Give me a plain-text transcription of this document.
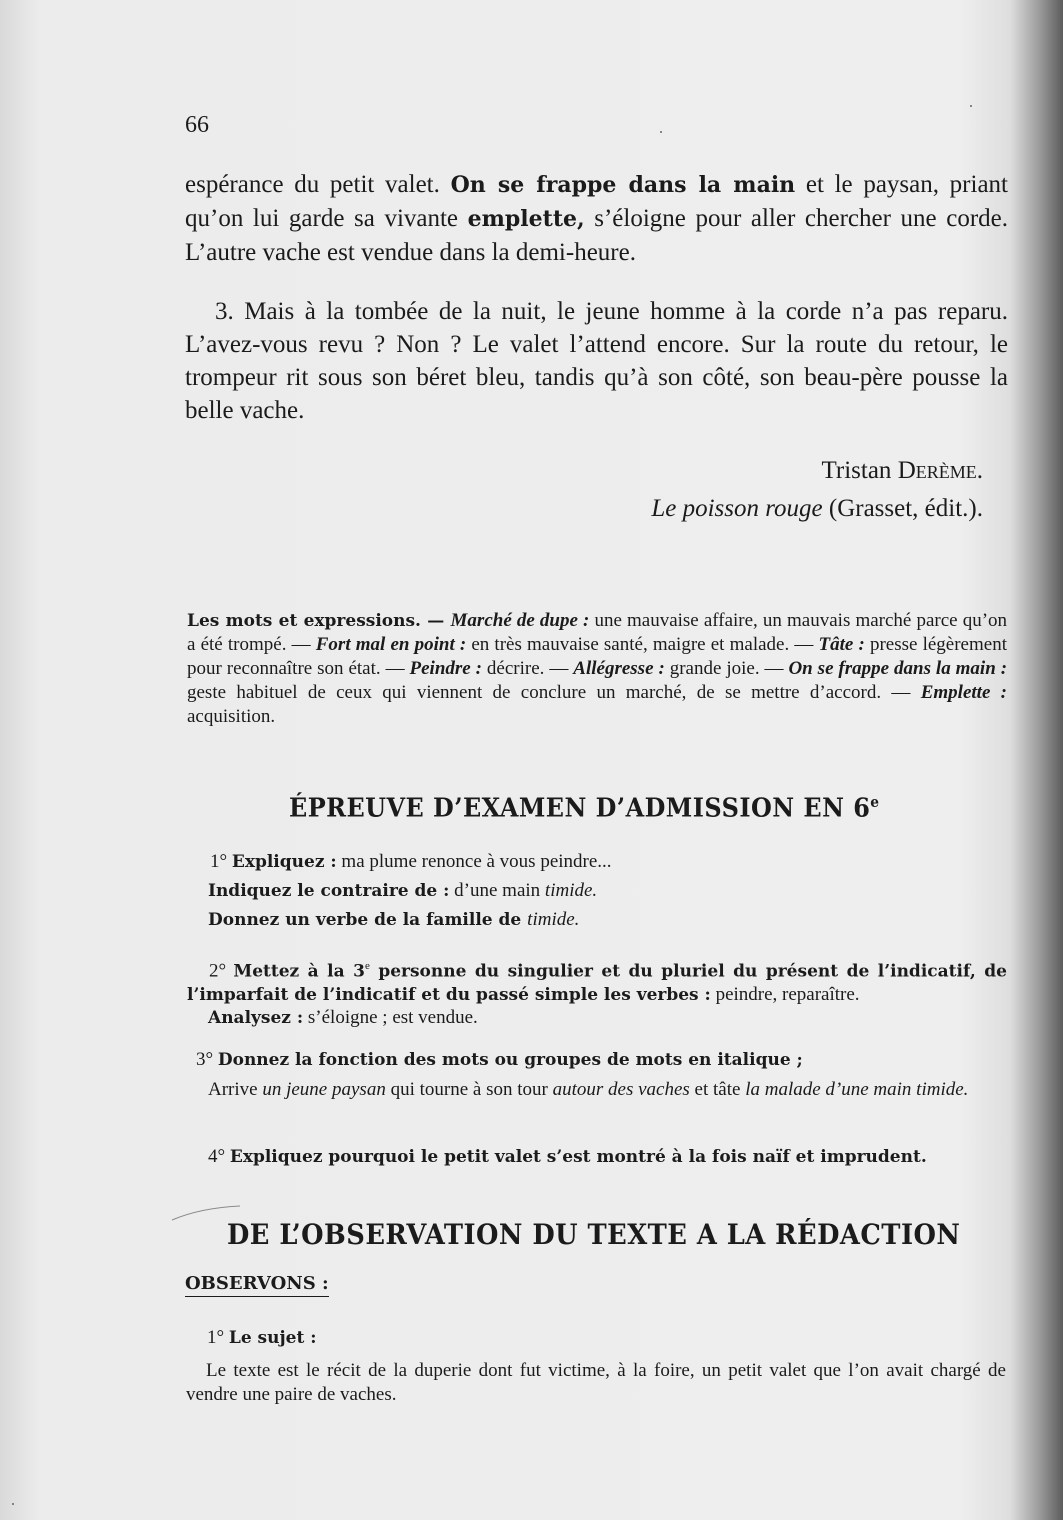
66
espérance du petit valet. On se frappe dans la main et le paysan, priant qu’on lui garde sa vivante emplette, s’éloigne pour aller chercher une corde. L’autre vache est vendue dans la demi-heure.
3. Mais à la tombée de la nuit, le jeune homme à la corde n’a pas reparu. L’avez-vous revu ? Non ? Le valet l’attend encore. Sur la route du retour, le trompeur rit sous son béret bleu, tandis qu’à son côté, son beau-père pousse la belle vache.
Tristan Derème.
Le poisson rouge (Grasset, édit.).
Les mots et expressions. — Marché de dupe : une mauvaise affaire, un mauvais marché parce qu’on a été trompé. — Fort mal en point : en très mauvaise santé, maigre et malade. — Tâte : presse légèrement pour reconnaître son état. — Peindre : décrire. — Allégresse : grande joie. — On se frappe dans la main : geste habituel de ceux qui viennent de conclure un marché, de se mettre d’accord. — Emplette : acquisition.
ÉPREUVE D’EXAMEN D’ADMISSION EN 6e
1° Expliquez : ma plume renonce à vous peindre...
Indiquez le contraire de : d’une main timide.
Donnez un verbe de la famille de timide.
2° Mettez à la 3e personne du singulier et du pluriel du présent de l’indicatif, de l’imparfait de l’indicatif et du passé simple les verbes : peindre, reparaître.
Analysez : s’éloigne ; est vendue.
3° Donnez la fonction des mots ou groupes de mots en italique ;
Arrive un jeune paysan qui tourne à son tour autour des vaches et tâte la malade d’une main timide.
4° Expliquez pourquoi le petit valet s’est montré à la fois naïf et imprudent.
DE L’OBSERVATION DU TEXTE A LA RÉDACTION
OBSERVONS :
1° Le sujet :
Le texte est le récit de la duperie dont fut victime, à la foire, un petit valet que l’on avait chargé de vendre une paire de vaches.
